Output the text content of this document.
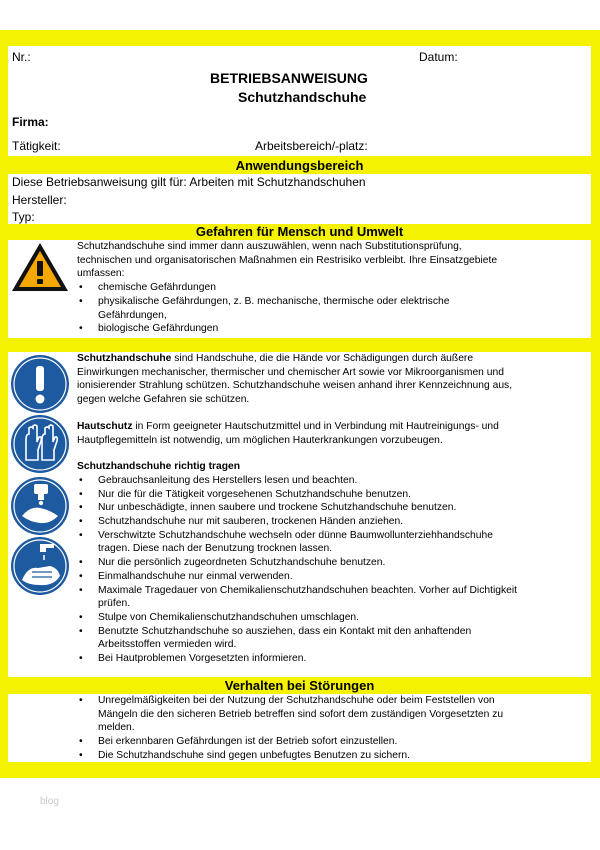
Nr.:	Datum:
BETRIEBSANWEISUNG
Schutzhandschuhe
Firma:
Tätigkeit:	Arbeitsbereich/-platz:
Anwendungsbereich
Diese Betriebsanweisung gilt für: Arbeiten mit Schutzhandschuhen
Hersteller:
Typ:
Gefahren für Mensch und Umwelt

Schutzhandschuhe sind immer dann auszuwählen, wenn nach Substitutionsprüfung, technischen und organisatorischen Maßnahmen ein Restrisiko verbleibt. Ihre Einsatzgebiete umfassen:

• chemische Gefährdungen
• physikalische Gefährdungen, z. B. mechanische, thermische oder elektrische Gefährdungen,
• biologische Gefährdungen

Schutzhandschuhe sind Handschuhe, die die Hände vor Schädigungen durch äußere Einwirkungen mechanischer, thermischer und chemischer Art sowie vor Mikroorganismen und ionisierender Strahlung schützen. Schutzhandschuhe weisen anhand ihrer Kennzeichnung aus, gegen welche Gefahren sie schützen.

Hautschutz in Form geeigneter Hautschutzmittel und in Verbindung mit Hautreinigungs- und Hautpflegemitteln ist notwendig, um möglichen Hauterkrankungen vorzubeugen.

Schutzhandschuhe richtig tragen

• Gebrauchsanleitung des Herstellers lesen und beachten.
• Nur die für die Tätigkeit vorgesehenen Schutzhandschuhe benutzen.
• Nur unbeschädigte, innen saubere und trockene Schutzhandschuhe benutzen.
• Schutzhandschuhe nur mit sauberen, trockenen Händen anziehen.
• Verschwitzte Schutzhandschuhe wechseln oder dünne Baumwollunterziehhandschuhe tragen. Diese nach der Benutzung trocknen lassen.
• Nur die persönlich zugeordneten Schutzhandschuhe benutzen.
• Einmalhandschuhe nur einmal verwenden.
• Maximale Tragedauer von Chemikalienschutzhandschuhen beachten. Vorher auf Dichtigkeit prüfen.
• Stulpe von Chemikalienschutzhandschuhen umschlagen.
• Benutzte Schutzhandschuhe so ausziehen, dass ein Kontakt mit den anhaftenden Arbeitsstoffen vermieden wird.
• Bei Hautproblemen Vorgesetzten informieren.
Verhalten bei Störungen
• Unregelmäßigkeiten bei der Nutzung der Schutzhandschuhe oder beim Feststellen von Mängeln die den sicheren Betrieb betreffen sind sofort dem zuständigen Vorgesetzten zu melden.
• Bei erkennbaren Gefährdungen ist der Betrieb sofort einzustellen.
• Die Schutzhandschuhe sind gegen unbefugtes Benutzen zu sichern.
blog
